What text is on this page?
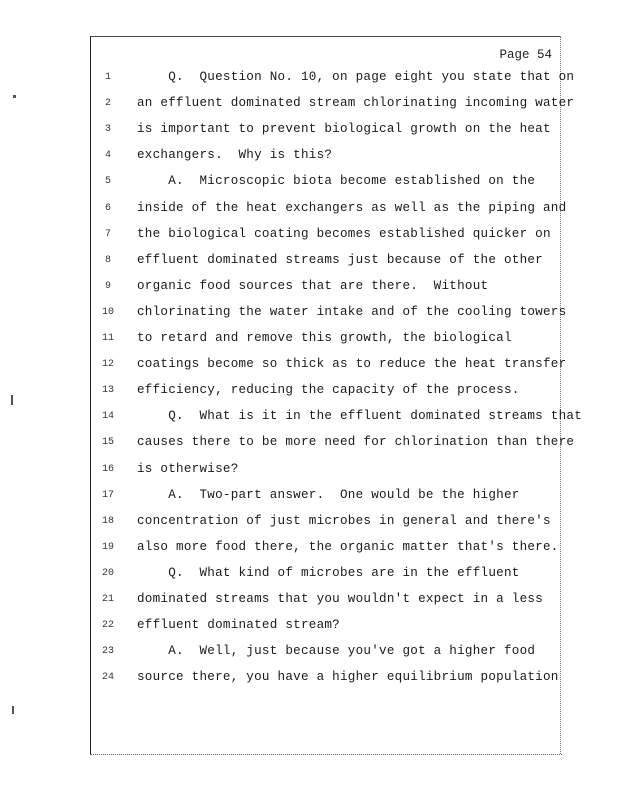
Page 54
1	Q.  Question No. 10, on page eight you state that on
2	an effluent dominated stream chlorinating incoming water
3	is important to prevent biological growth on the heat
4	exchangers.  Why is this?
5	A.  Microscopic biota become established on the
6	inside of the heat exchangers as well as the piping and
7	the biological coating becomes established quicker on
8	effluent dominated streams just because of the other
9	organic food sources that are there.  Without
10	chlorinating the water intake and of the cooling towers
11	to retard and remove this growth, the biological
12	coatings become so thick as to reduce the heat transfer
13	efficiency, reducing the capacity of the process.
14	Q.  What is it in the effluent dominated streams that
15	causes there to be more need for chlorination than there
16	is otherwise?
17	A.  Two-part answer.  One would be the higher
18	concentration of just microbes in general and there's
19	also more food there, the organic matter that's there.
20	Q.  What kind of microbes are in the effluent
21	dominated streams that you wouldn't expect in a less
22	effluent dominated stream?
23	A.  Well, just because you've got a higher food
24	source there, you have a higher equilibrium population
